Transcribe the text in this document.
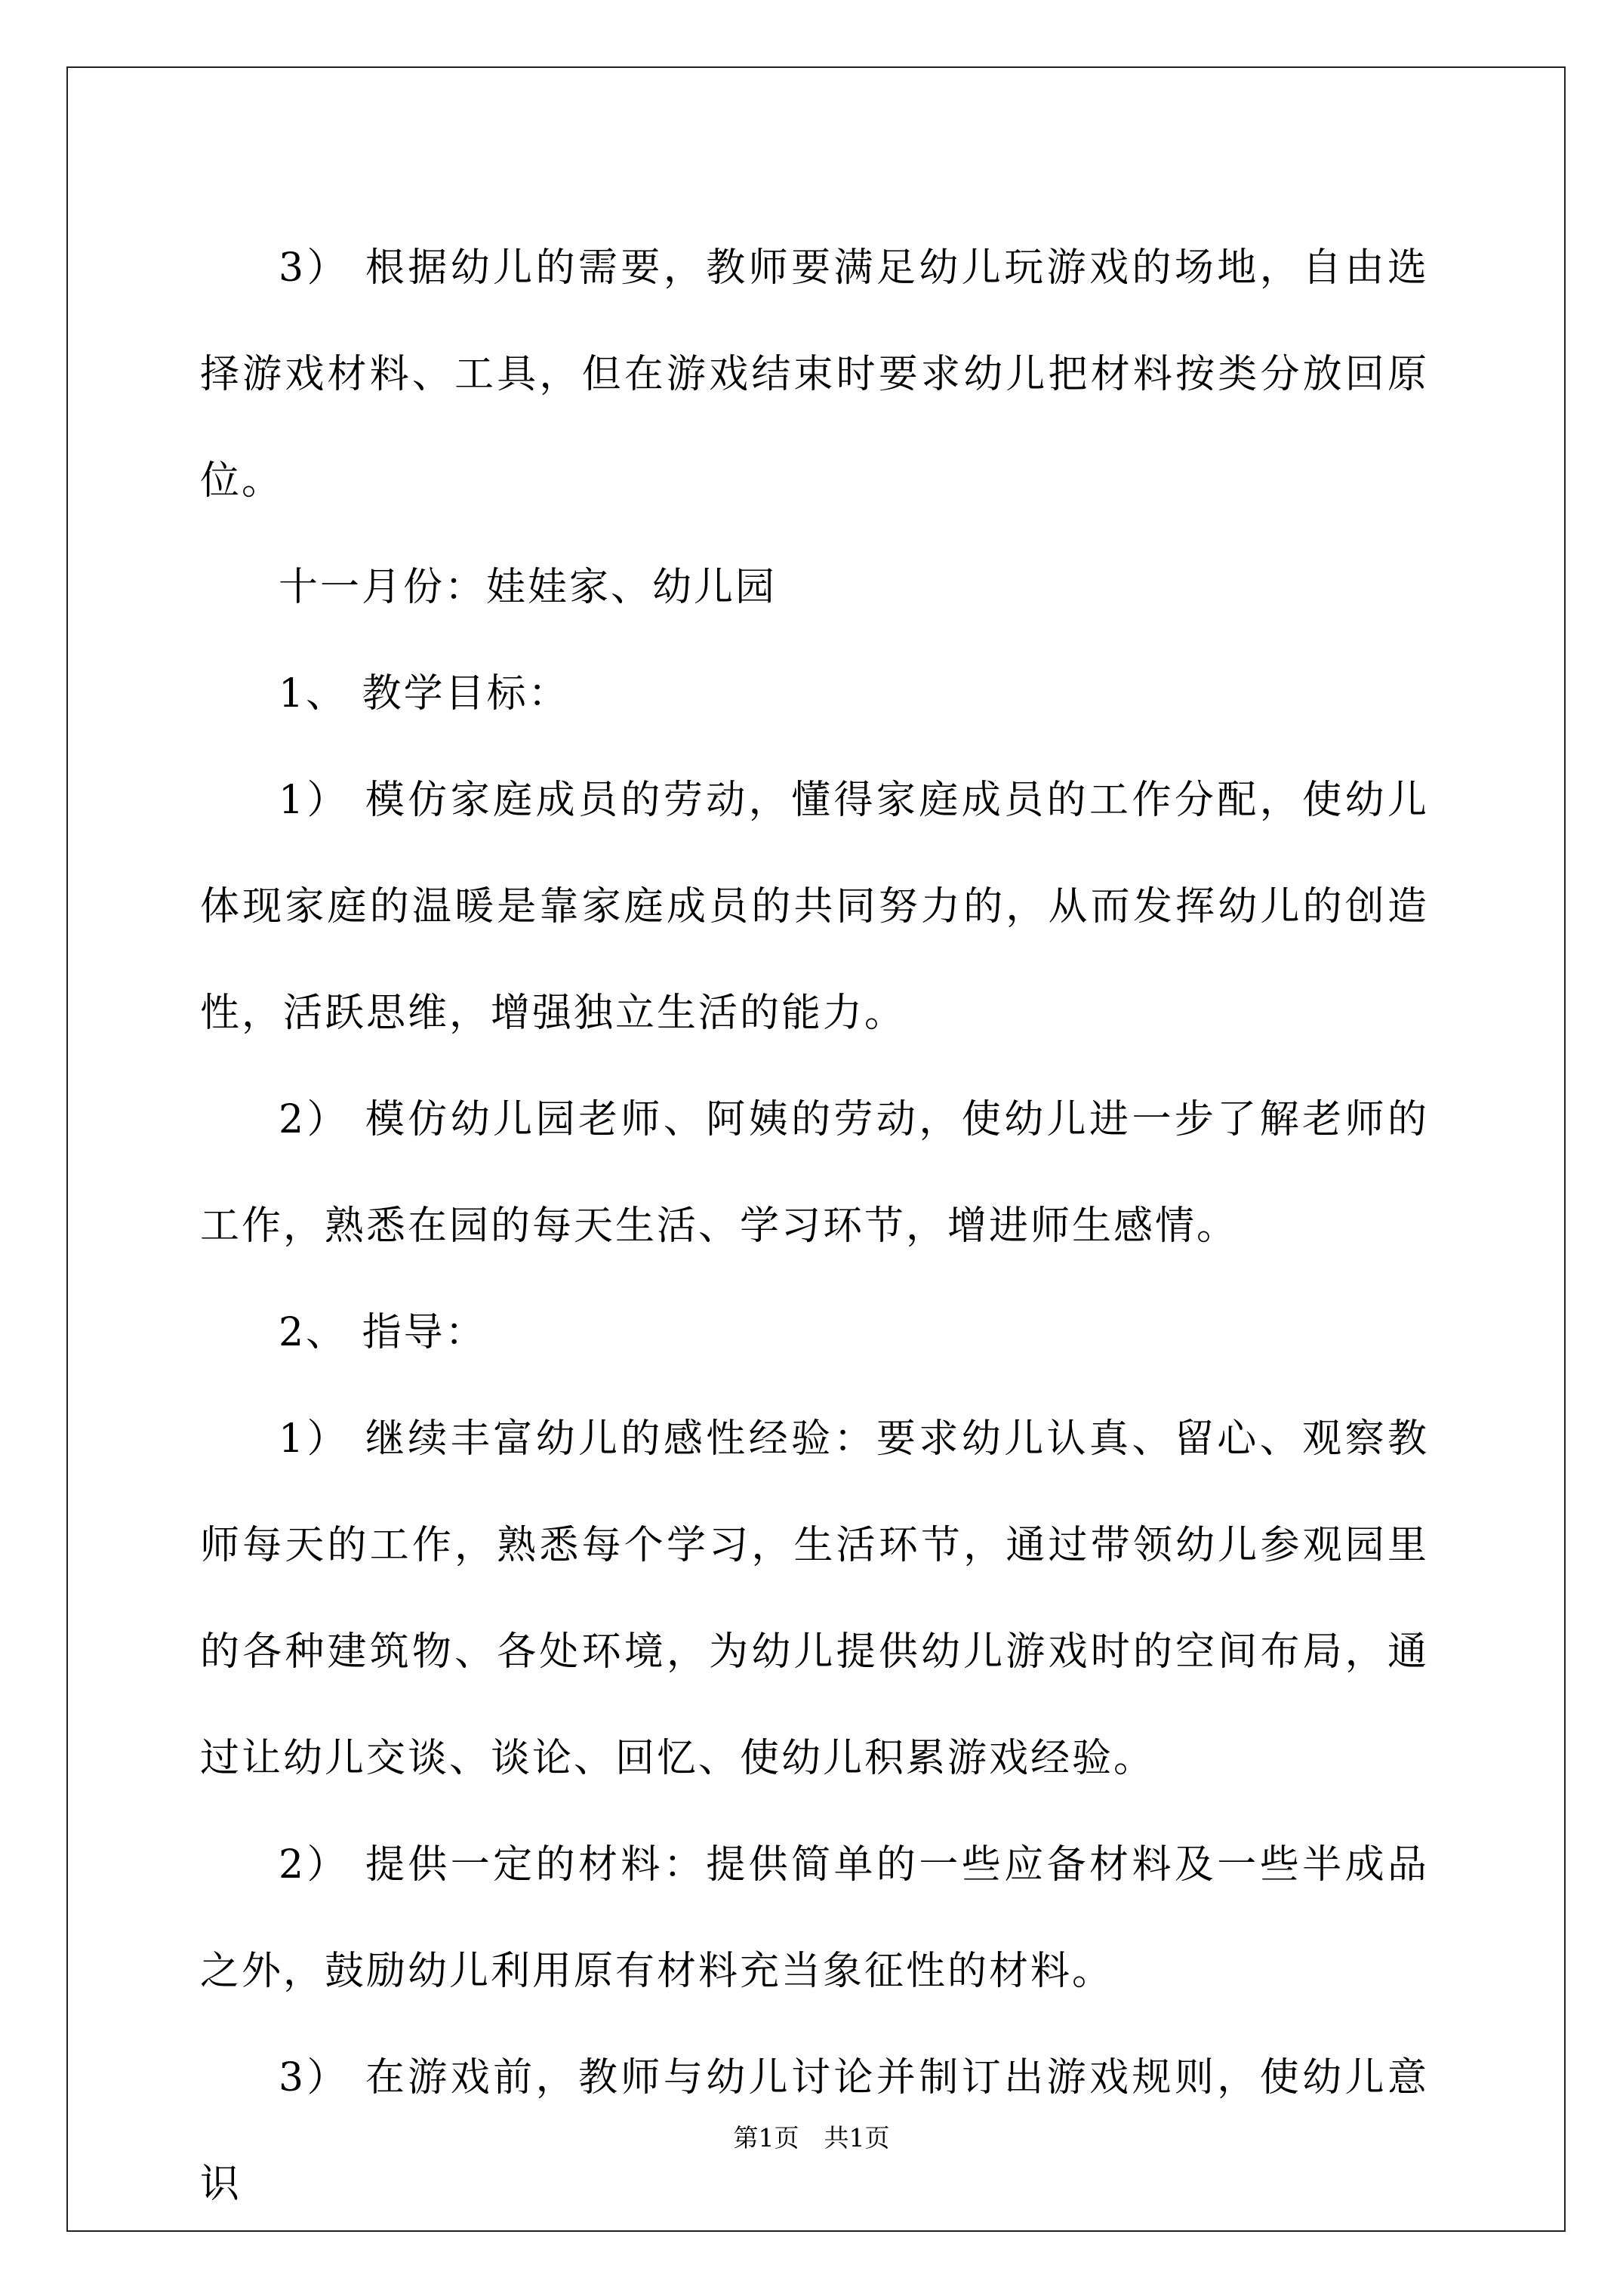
3） 根据幼儿的需要，教师要满足幼儿玩游戏的场地，自由选择游戏材料、工具，但在游戏结束时要求幼儿把材料按类分放回原位。

十一月份：娃娃家、幼儿园

1、 教学目标：

1） 模仿家庭成员的劳动，懂得家庭成员的工作分配，使幼儿体现家庭的温暖是靠家庭成员的共同努力的，从而发挥幼儿的创造性，活跃思维，增强独立生活的能力。

2） 模仿幼儿园老师、阿姨的劳动，使幼儿进一步了解老师的工作，熟悉在园的每天生活、学习环节，增进师生感情。

2、 指导：

1） 继续丰富幼儿的感性经验：要求幼儿认真、留心、观察教师每天的工作，熟悉每个学习，生活环节，通过带领幼儿参观园里的各种建筑物、各处环境，为幼儿提供幼儿游戏时的空间布局，通过让幼儿交谈、谈论、回忆、使幼儿积累游戏经验。

2） 提供一定的材料：提供简单的一些应备材料及一些半成品之外，鼓励幼儿利用原有材料充当象征性的材料。

3） 在游戏前，教师与幼儿讨论并制订出游戏规则，使幼儿意识

第1页　共1页
